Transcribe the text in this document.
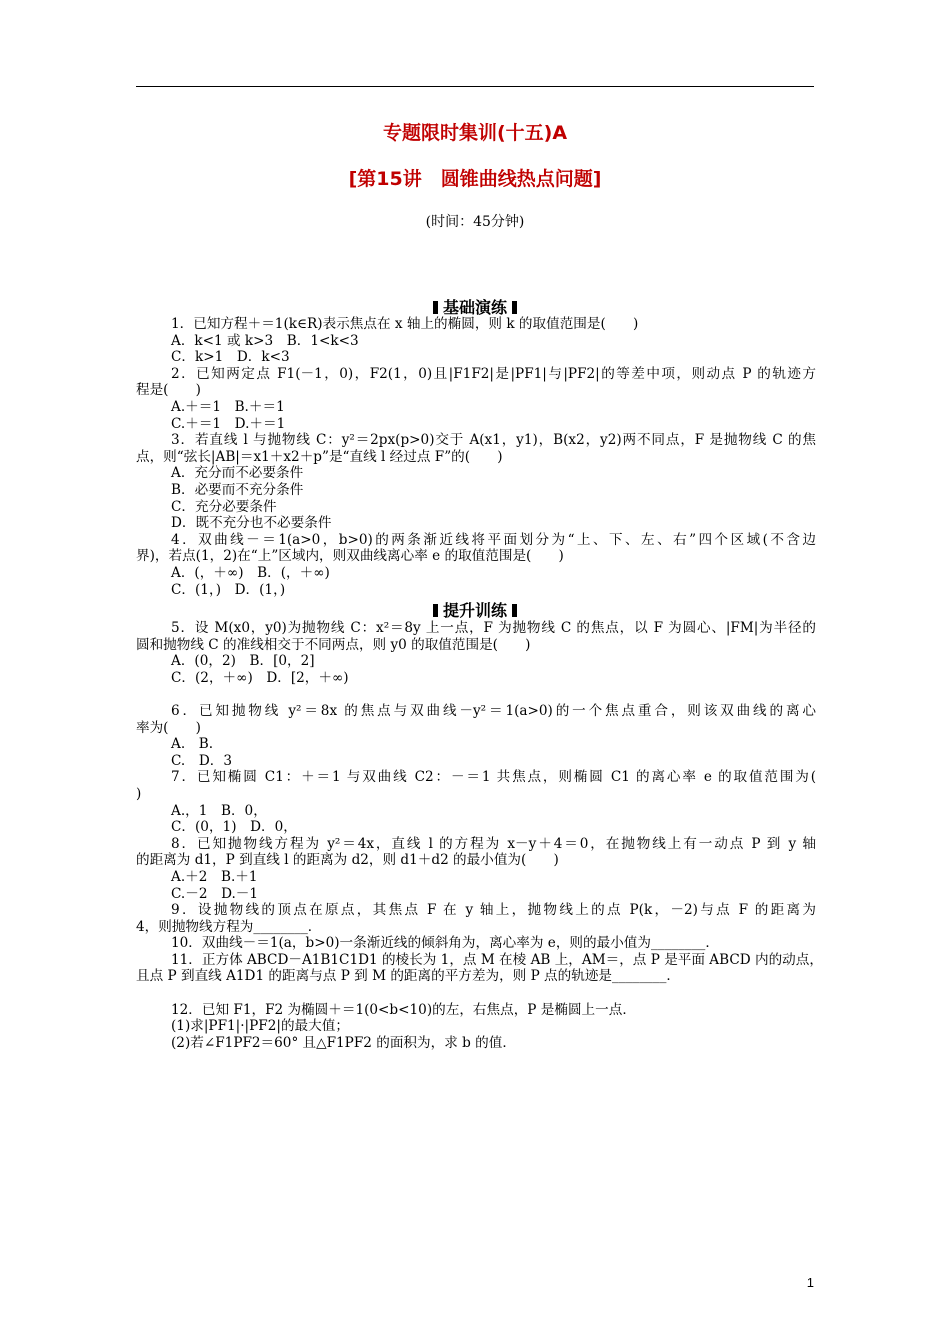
专题限时集训(十五)A
[第15讲　圆锥曲线热点问题]
(时间：45分钟)
基础演练
1．已知方程＋＝1(k∈R)表示焦点在 x 轴上的椭圆，则 k 的取值范围是(　　)
A．k<1 或 k>3　B．1<k<3
C．k>1　D．k<3
2．已知两定点 F1(－1，0)，F2(1，0)且|F1F2|是|PF1|与|PF2|的等差中项，则动点 P 的轨迹方
程是(　　)
A.＋＝1　B.＋＝1
C.＋＝1　D.＋＝1
3．若直线 l 与抛物线 C：y²＝2px(p>0)交于 A(x1，y1)，B(x2，y2)两不同点，F 是抛物线 C 的焦
点，则“弦长|AB|＝x1＋x2＋p”是“直线 l 经过点 F”的(　　)
A．充分而不必要条件
B．必要而不充分条件
C．充分必要条件
D．既不充分也不必要条件
4．双曲线－＝1(a>0，b>0)的两条渐近线将平面划分为“上、下、左、右”四个区域(不含边
界)，若点(1，2)在“上”区域内，则双曲线离心率 e 的取值范围是(　　)
A．(，＋∞)　B．(，＋∞)
C．(1，)　D．(1，)
提升训练
5．设 M(x0，y0)为抛物线 C：x²＝8y 上一点，F 为抛物线 C 的焦点，以 F 为圆心、|FM|为半径的
圆和抛物线 C 的准线相交于不同两点，则 y0 的取值范围是(　　)
A．(0，2)　B．[0，2]
C．(2，＋∞)　D．[2，＋∞)
6．已知抛物线 y²＝8x 的焦点与双曲线－y²＝1(a>0)的一个焦点重合，则该双曲线的离心
率为(　　)
A.　B.
C.　D．3
7．已知椭圆 C1：＋＝1 与双曲线 C2：－＝1 共焦点，则椭圆 C1 的离心率 e 的取值范围为(
)
A.，1　B．0，
C．(0，1)　D．0，
8．已知抛物线方程为 y²＝4x，直线 l 的方程为 x－y＋4＝0，在抛物线上有一动点 P 到 y 轴
的距离为 d1，P 到直线 l 的距离为 d2，则 d1＋d2 的最小值为(　　)
A.＋2　B.＋1
C.－2　D.－1
9．设抛物线的顶点在原点，其焦点 F 在 y 轴上，抛物线上的点 P(k，－2)与点 F 的距离为
4，则抛物线方程为________．
10．双曲线－＝1(a，b>0)一条渐近线的倾斜角为，离心率为 e，则的最小值为________．
11．正方体 ABCD－A1B1C1D1 的棱长为 1，点 M 在棱 AB 上，AM＝，点 P 是平面 ABCD 内的动点，
且点 P 到直线 A1D1 的距离与点 P 到 M 的距离的平方差为，则 P 点的轨迹是________．
12．已知 F1，F2 为椭圆＋＝1(0<b<10)的左，右焦点，P 是椭圆上一点．
(1)求|PF1|·|PF2|的最大值；
(2)若∠F1PF2＝60° 且△F1PF2 的面积为，求 b 的值．
1
